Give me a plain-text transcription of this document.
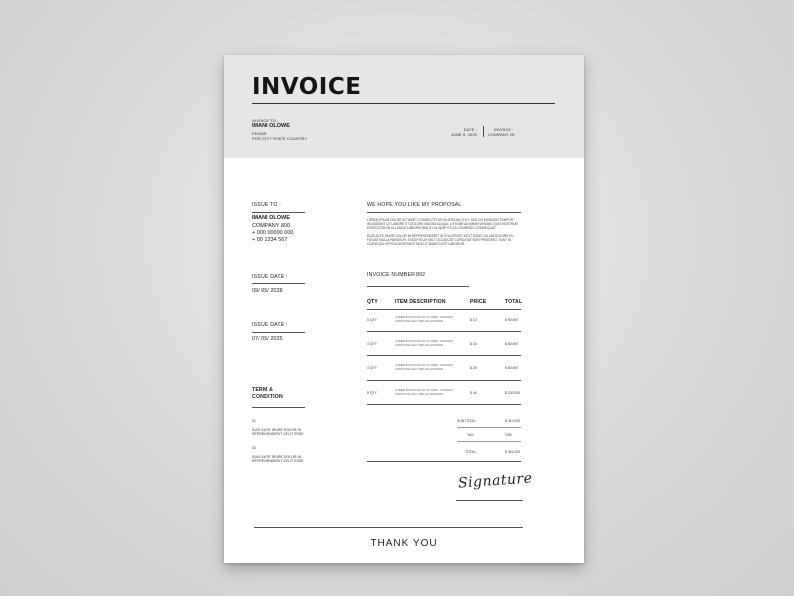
INVOICE
INVOICE TO :
IMANI OLOWE
PHONE
POR CITY STATE COUNTRY
DATE :
JUNE 5, 2029
INVOICE :
COMPANY 25
ISSUE TO :
IMANI OLOWE
COMPANY 800
+ 000 00000 000
+ 00 1234 567
ISSUE DATE :
09/ 05/ 2028
ISSUE DATE :
07/ 05/ 2025
TERM &
CONDITION
01
DUIS AUTE IRURE DOLOR IN
REPREHENDERIT VELIT ESSE
02
DUIS AUTE IRURE DOLOR IN
REPREHENDERIT VELIT ESSE
WE HOPE YOU LIKE MY PROPOSAL
LOREM IPSUM DOLOR SIT AMET, CONSECTETUR ADIPISCING ELIT, SED DO EIUSMOD TEMPOR INCIDIDUNT UT LABORE ET DOLORE MAGNA ALIQUA. UT ENIM AD MINIM VENIAM, QUIS NOSTRUD EXERCITATION ULLAMCO LABORIS NISI UT ALIQUIP EX EA COMMODO CONSEQUAT.
DUIS AUTE IRURE DOLOR IN REPREHENDERIT IN VOLUPTATE VELIT ESSE CILLUM DOLORE EU FUGIAT NULLA PARIATUR. EXCEPTEUR SINT OCCAECAT CUPIDATAT NON PROIDENT, SUNT IN CULPA QUI OFFICIA DESERUNT MOLLIT ANIM ID EST LABORUM.
INVOICE NUMBER :
002
QTY	ITEM DESCRIPTION	PRICE	TOTAL
5 QTY
LOREM IPSUM DOLOR SIT AMET, CONSECT
ADIPISCING ELIT SED DO EIUSMOD	$ 10	$ 50.000
4 QTY
LOREM IPSUM DOLOR SIT AMET, CONSECT
ADIPISCING ELIT SED DO EIUSMOD	$ 15	$ 60.000
4 QTY
LOREM IPSUM DOLOR SIT AMET, CONSECT
ADIPISCING ELIT SED DO EIUSMOD	$ 20	$ 80.000
5 QTY
LOREM IPSUM DOLOR SIT AMET, CONSECT
ADIPISCING ELIT SED DO EIUSMOD	$ 44	$ 220.000
SUB TOTAL :	$ 410.000
TAX :	10%
TOTAL :	$ 451.000
Signature
THANK YOU
